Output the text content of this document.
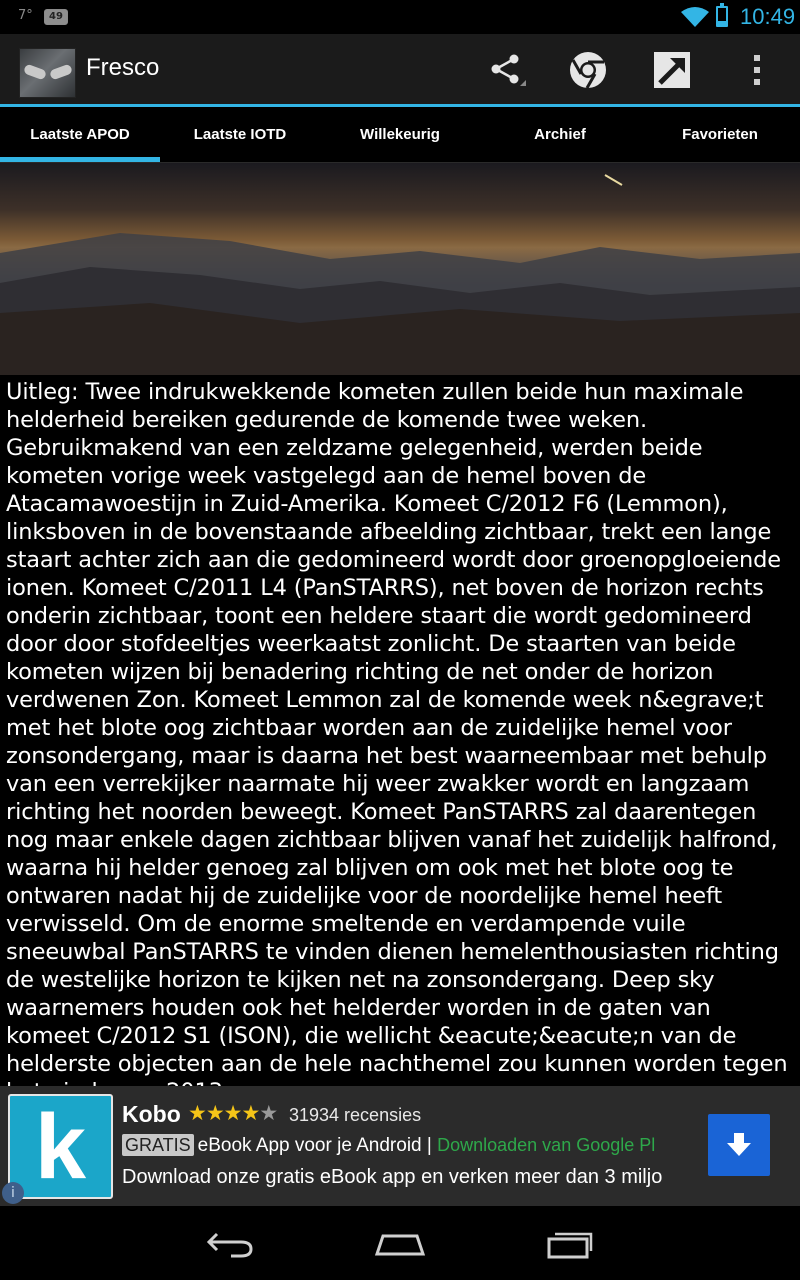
7°	49	10:49
Fresco
Laatste APOD	Laatste IOTD	Willekeurig	Archief	Favorieten
Uitleg: Twee indrukwekkende kometen zullen beide hun maximale helderheid bereiken gedurende de komende twee weken. Gebruikmakend van een zeldzame gelegenheid, werden beide kometen vorige week vastgelegd aan de hemel boven de Atacamawoestijn in Zuid-Amerika. Komeet C/2012 F6 (Lemmon), linksboven in de bovenstaande afbeelding zichtbaar, trekt een lange staart achter zich aan die gedomineerd wordt door groenopgloeiende ionen. Komeet C/2011 L4 (PanSTARRS), net boven de horizon rechts onderin zichtbaar, toont een heldere staart die wordt gedomineerd door door stofdeeltjes weerkaatst zonlicht. De staarten van beide kometen wijzen bij benadering richting de net onder de horizon verdwenen Zon. Komeet Lemmon zal de komende week n&egrave;t met het blote oog zichtbaar worden aan de zuidelijke hemel voor zonsondergang, maar is daarna het best waarneembaar met behulp van een verrekijker naarmate hij weer zwakker wordt en langzaam richting het noorden beweegt. Komeet PanSTARRS zal daarentegen nog maar enkele dagen zichtbaar blijven vanaf het zuidelijk halfrond, waarna hij helder genoeg zal blijven om ook met het blote oog te ontwaren nadat hij de zuidelijke voor de noordelijke hemel heeft verwisseld. Om de enorme smeltende en verdampende vuile sneeuwbal PanSTARRS te vinden dienen hemelenthousiasten richting de westelijke horizon te kijken net na zonsondergang. Deep sky waarnemers houden ook het helderder worden in de gaten van komeet C/2012 S1 (ISON), die wellicht &eacute;&eacute;n van de helderste objecten aan de hele nachthemel zou kunnen worden tegen
k
i
Kobo ★★★★★ 31934 recensies
GRATIS eBook App voor je Android | Downloaden van Google Pl
Download onze gratis eBook app en verken meer dan 3 miljo
